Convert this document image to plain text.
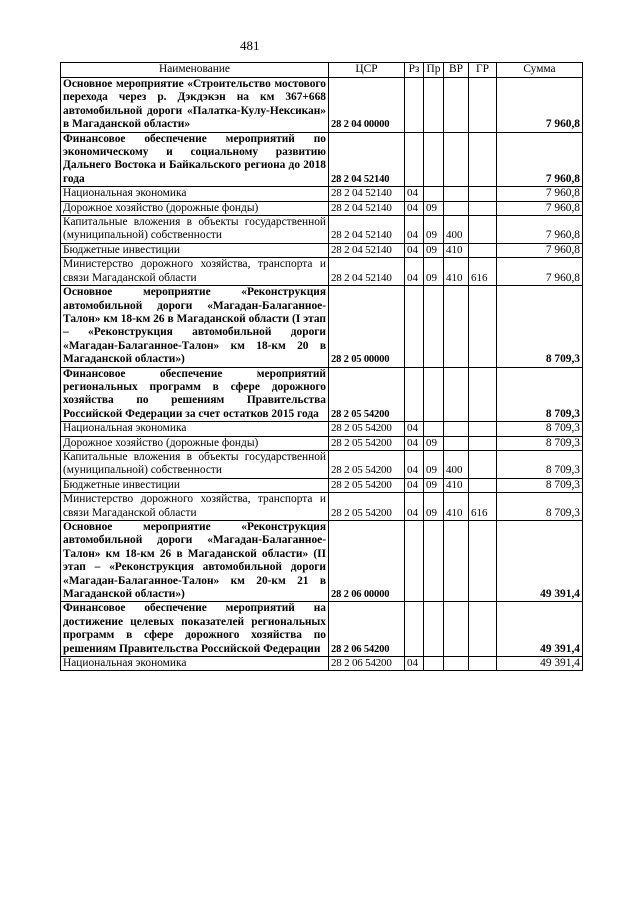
481
Наименование	ЦСР	Рз	Пр	ВР	ГР	Сумма
Основное мероприятие «Строительство мостового перехода через р. Дэкдэкэн на км 367+668 автомобильной дороги «Палатка-Кулу-Нексикан» в Магаданской области»	28 2 04 00000					7 960,8
Финансовое обеспечение мероприятий по экономическому и социальному развитию Дальнего Востока и Байкальского региона до 2018 года	28 2 04 52140					7 960,8
Национальная экономика	28 2 04 52140	04				7 960,8
Дорожное хозяйство (дорожные фонды)	28 2 04 52140	04	09			7 960,8
Капитальные вложения в объекты государственной (муниципальной) собственности	28 2 04 52140	04	09	400		7 960,8
Бюджетные инвестиции	28 2 04 52140	04	09	410		7 960,8
Министерство дорожного хозяйства, транспорта и связи Магаданской области	28 2 04 52140	04	09	410	616	7 960,8
Основное мероприятие «Реконструкция автомобильной дороги «Магадан-Балаганное-Талон» км 18-км 26 в Магаданской области (I этап – «Реконструкция автомобильной дороги «Магадан-Балаганное-Талон» км 18-км 20 в Магаданской области»)	28 2 05 00000					8 709,3
Финансовое обеспечение мероприятий региональных программ в сфере дорожного хозяйства по решениям Правительства Российской Федерации за счет остатков 2015 года	28 2 05 54200					8 709,3
Национальная экономика	28 2 05 54200	04				8 709,3
Дорожное хозяйство (дорожные фонды)	28 2 05 54200	04	09			8 709,3
Капитальные вложения в объекты государственной (муниципальной) собственности	28 2 05 54200	04	09	400		8 709,3
Бюджетные инвестиции	28 2 05 54200	04	09	410		8 709,3
Министерство дорожного хозяйства, транспорта и связи Магаданской области	28 2 05 54200	04	09	410	616	8 709,3
Основное мероприятие «Реконструкция автомобильной дороги «Магадан-Балаганное-Талон» км 18-км 26 в Магаданской области» (II этап – «Реконструкция автомобильной дороги «Магадан-Балаганное-Талон» км 20-км 21 в Магаданской области»)	28 2 06 00000					49 391,4
Финансовое обеспечение мероприятий на достижение целевых показателей региональных программ в сфере дорожного хозяйства по решениям Правительства Российской Федерации	28 2 06 54200					49 391,4
Национальная экономика	28 2 06 54200	04				49 391,4
